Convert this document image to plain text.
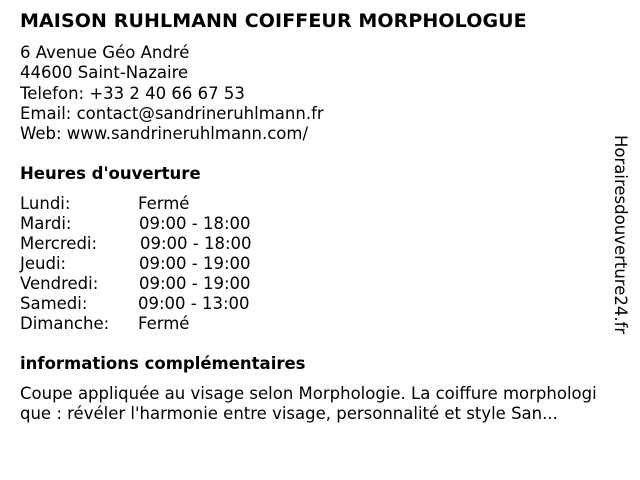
MAISON RUHLMANN COIFFEUR MORPHOLOGUE
6 Avenue Géo André
44600 Saint-Nazaire
Telefon: +33 2 40 66 67 53
Email: contact@sandrineruhlmann.fr
Web: www.sandrineruhlmann.com/
Heures d'ouverture
Lundi:	Fermé
Mardi:	09:00 - 18:00
Mercredi:	09:00 - 18:00
Jeudi:	09:00 - 19:00
Vendredi: 09:00 - 19:00
Samedi:	09:00 - 13:00
Dimanche: Fermé
informations complémentaires
Coupe appliquée au visage selon Morphologie. La coiffure morphologique : révéler l'harmonie entre visage, personnalité et style San...
Horairesdouverture24.fr
